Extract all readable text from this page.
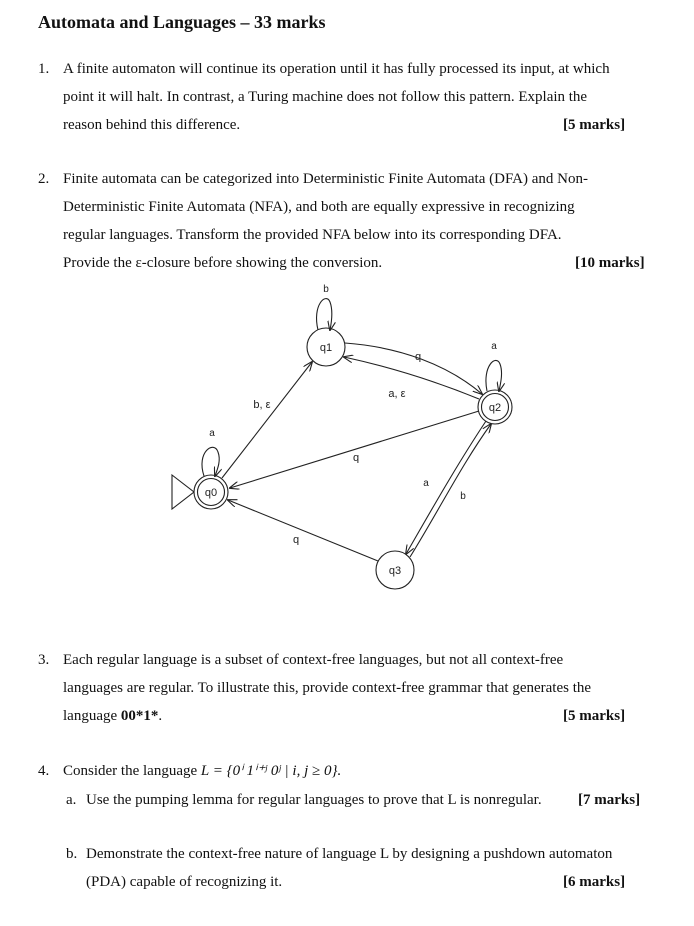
Automata and Languages – 33 marks
1. A finite automaton will continue its operation until it has fully processed its input, at which
point it will halt. In contrast, a Turing machine does not follow this pattern. Explain the
reason behind this difference.	[5 marks]
2. Finite automata can be categorized into Deterministic Finite Automata (DFA) and Non-
Deterministic Finite Automata (NFA), and both are equally expressive in recognizing
regular languages. Transform the provided NFA below into its corresponding DFA.
Provide the ε-closure before showing the conversion.	[10 marks]
q0
q1
q2
q3
a
b
a
b, ε
b
a, ε
b
b
a
b
3. Each regular language is a subset of context-free languages, but not all context-free
languages are regular. To illustrate this, provide context-free grammar that generates the
language 00*1*.	[5 marks]
4. Consider the language L = {0ⁱ 1ⁱ⁺ʲ 0ʲ | i, j ≥ 0}.
a. Use the pumping lemma for regular languages to prove that L is nonregular. [7 marks]
b. Demonstrate the context-free nature of language L by designing a pushdown automaton
(PDA) capable of recognizing it.	[6 marks]
